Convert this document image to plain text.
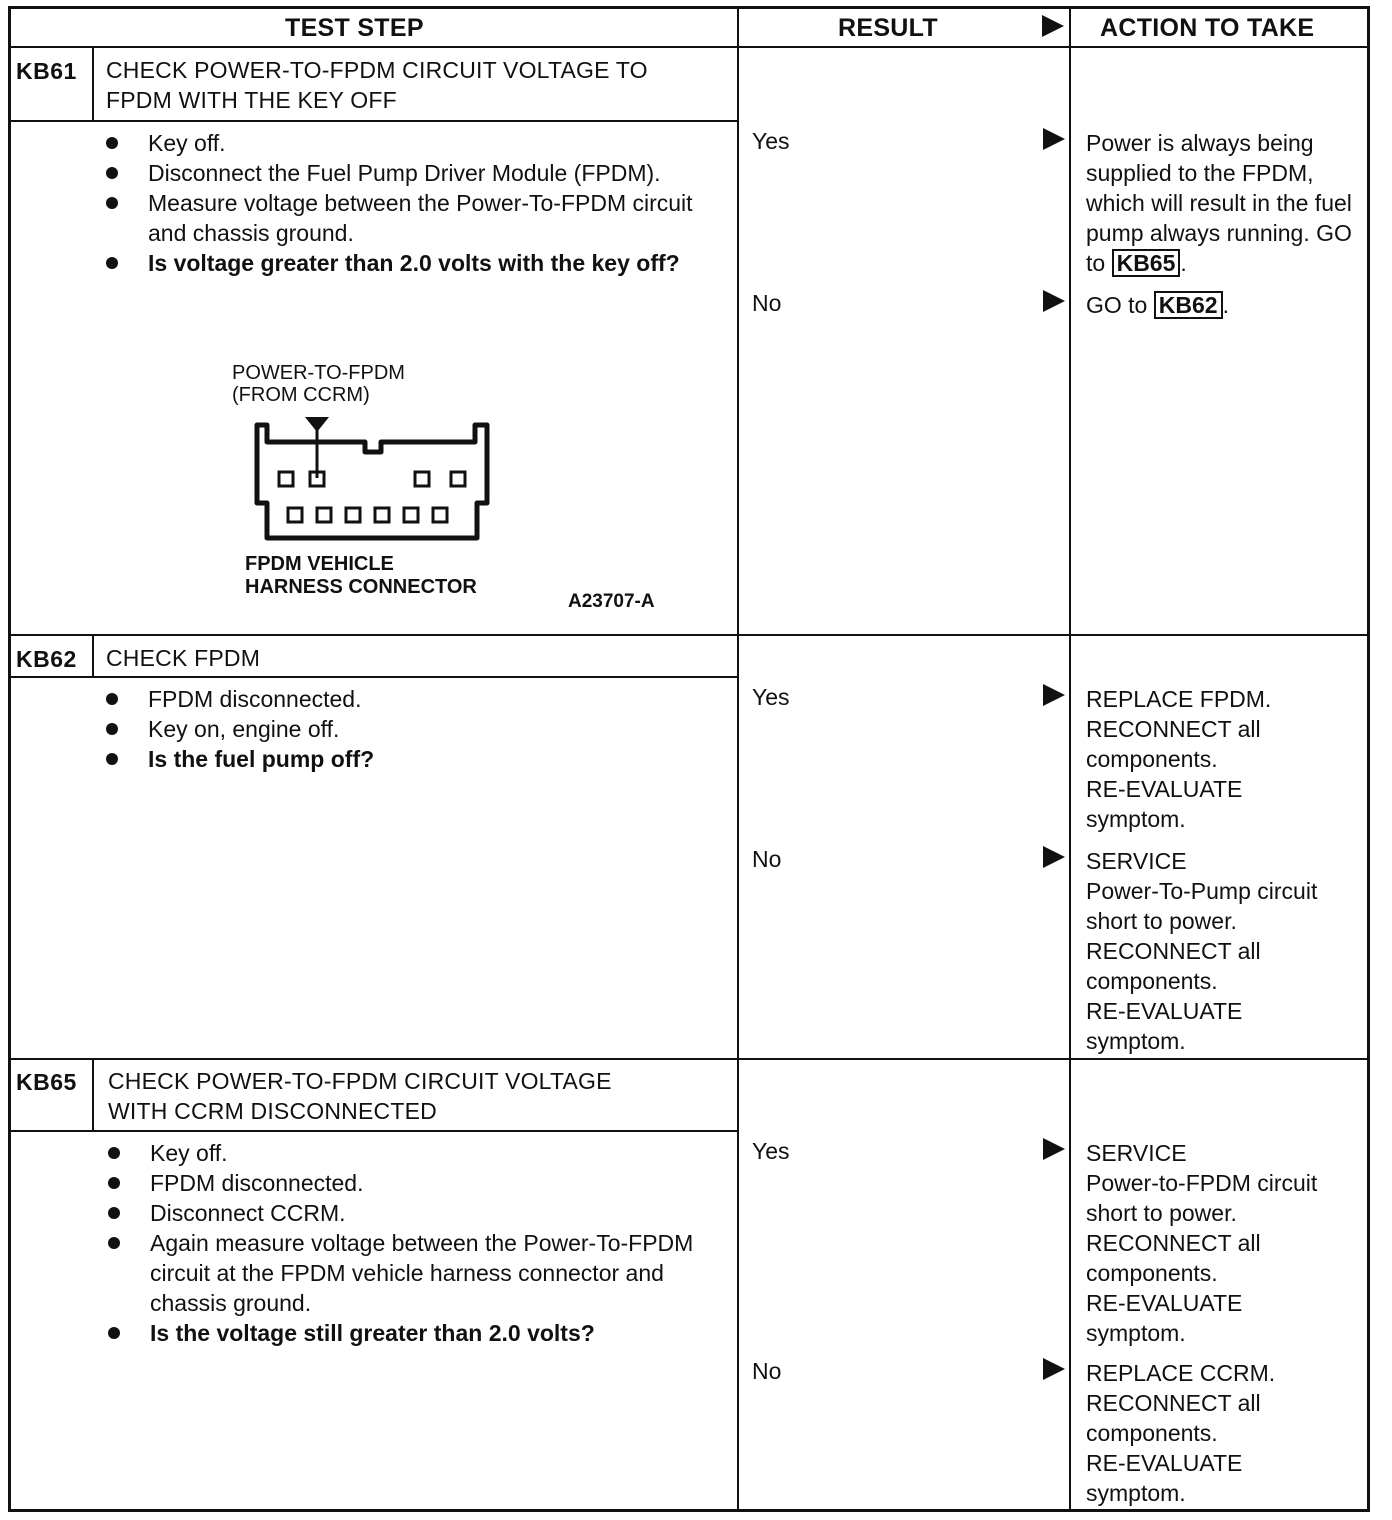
TEST STEP	RESULT	ACTION TO TAKE
KB61 CHECK POWER-TO-FPDM CIRCUIT VOLTAGE TO
FPDM WITH THE KEY OFF
Key off.
Disconnect the Fuel Pump Driver Module (FPDM).
Measure voltage between the Power-To-FPDM circuit and chassis ground.
Is voltage greater than 2.0 volts with the key off?
POWER-TO-FPDM
(FROM CCRM)
FPDM VEHICLE
HARNESS CONNECTOR
A23707-A
Yes	Power is always being supplied to the FPDM, which will result in the fuel pump always running. GO to KB65 .
No	GO to KB62 .
KB62 CHECK FPDM
FPDM disconnected.
Key on, engine off.
Is the fuel pump off?
Yes	REPLACE FPDM.
RECONNECT all
components.
RE-EVALUATE
symptom.
No	SERVICE
Power-To-Pump circuit
short to power.
RECONNECT all
components.
RE-EVALUATE
symptom.
KB65 CHECK POWER-TO-FPDM CIRCUIT VOLTAGE
WITH CCRM DISCONNECTED
Key off.
FPDM disconnected.
Disconnect CCRM.
Again measure voltage between the Power-To-FPDM circuit at the FPDM vehicle harness connector and chassis ground.
Is the voltage still greater than 2.0 volts?
Yes	SERVICE
Power-to-FPDM circuit
short to power.
RECONNECT all
components.
RE-EVALUATE
symptom.
No	REPLACE CCRM.
RECONNECT all
components.
RE-EVALUATE
symptom.
